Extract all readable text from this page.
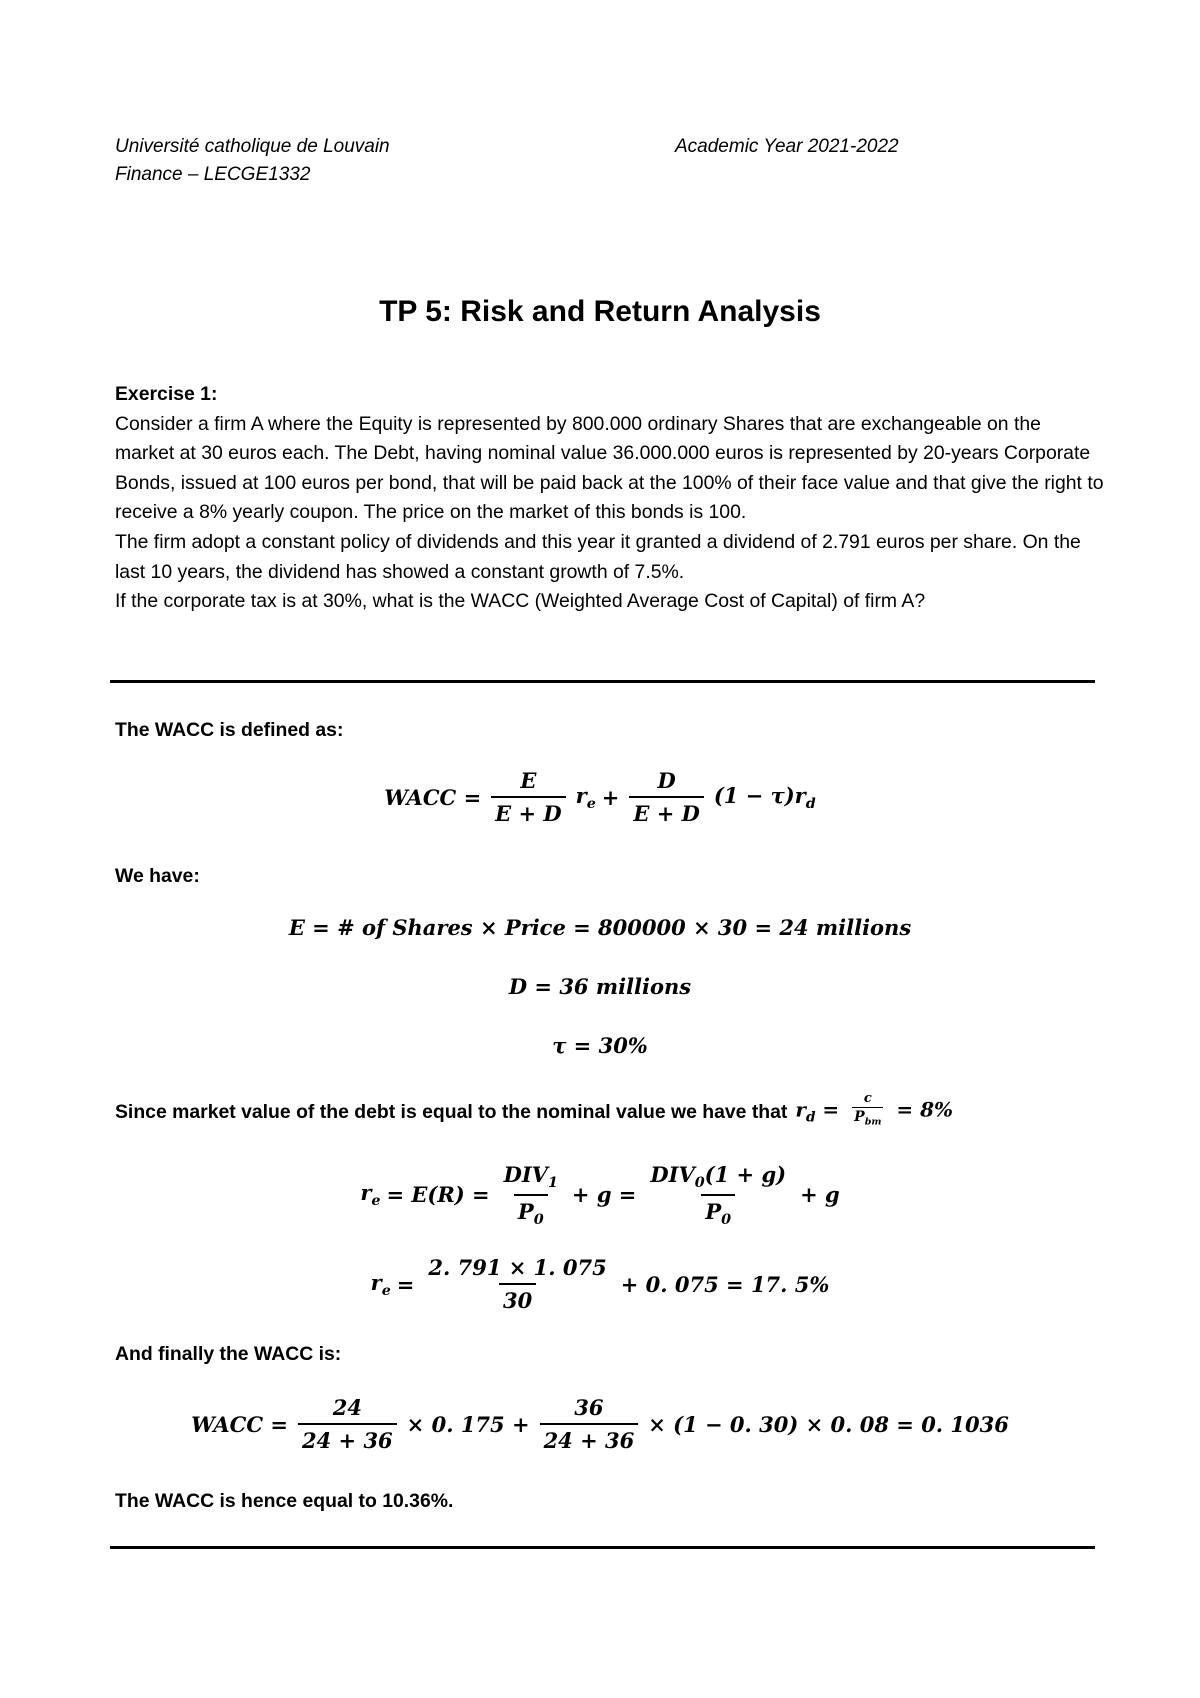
Université catholique de Louvain
Finance – LECGE1332
Academic Year 2021-2022
TP 5: Risk and Return Analysis
Exercise 1:
Consider a firm A where the Equity is represented by 800.000 ordinary Shares that are exchangeable on the market at 30 euros each. The Debt, having nominal value 36.000.000 euros is represented by 20-years Corporate Bonds, issued at 100 euros per bond, that will be paid back at the 100% of their face value and that give the right to receive a 8% yearly coupon. The price on the market of this bonds is 100.
The firm adopt a constant policy of dividends and this year it granted a dividend of 2.791 euros per share. On the last 10 years, the dividend has showed a constant growth of 7.5%.
If the corporate tax is at 30%, what is the WACC (Weighted Average Cost of Capital) of firm A?
The WACC is defined as:
WACC = $\frac{E}{E + D} r_e + \frac{D}{E + D} (1 - \tau)r_d$
We have:
E = # of Shares × Price = 800000 × 30 = 24 millions
D = 36 millions
τ = 30%
Since market value of the debt is equal to the nominal value we have that $r_d = \frac{c}{P_{bm}} = 8\%$
$r_e = E(R) = \frac{DIV_1}{P_0} + g = \frac{DIV_0(1 + g)}{P_0} + g$
$r_e = \frac{2. 791 \times 1. 075}{30} + 0$. 075 = 17. 5%
And finally the WACC is:
WACC = $\frac{24}{24 + 36} \times 0$. $175 + \frac{36}{24 + 36} \times (1 - 0$. 30) × 0. 08 = 0. 1036
The WACC is hence equal to 10.36%.
